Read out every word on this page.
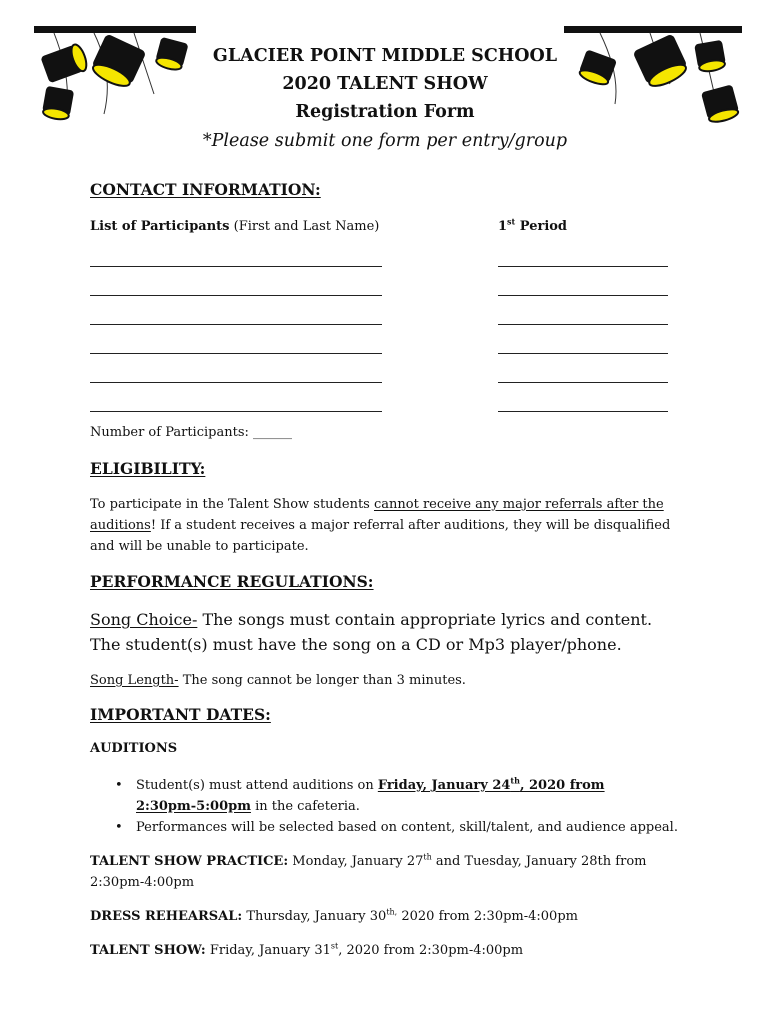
GLACIER POINT MIDDLE SCHOOL
2020 TALENT SHOW
Registration Form
*Please submit one form per entry/group
CONTACT INFORMATION:
List of Participants (First and Last Name)	1st Period
Number of Participants: ______
ELIGIBILITY:
To participate in the Talent Show students cannot receive any major referrals after the auditions! If a student receives a major referral after auditions, they will be disqualified and will be unable to participate.
PERFORMANCE REGULATIONS:
Song Choice- The songs must contain appropriate lyrics and content. The student(s) must have the song on a CD or Mp3 player/phone.
Song Length- The song cannot be longer than 3 minutes.
IMPORTANT DATES:
AUDITIONS
• Student(s) must attend auditions on Friday, January 24th, 2020 from 2:30pm-5:00pm in the cafeteria.
• Performances will be selected based on content, skill/talent, and audience appeal.
TALENT SHOW PRACTICE: Monday, January 27th and Tuesday, January 28th from 2:30pm-4:00pm
DRESS REHEARSAL: Thursday, January $30^{th,}$ 2020 from 2:30pm-4:00pm
TALENT SHOW: Friday, January 31st, 2020 from 2:30pm-4:00pm
